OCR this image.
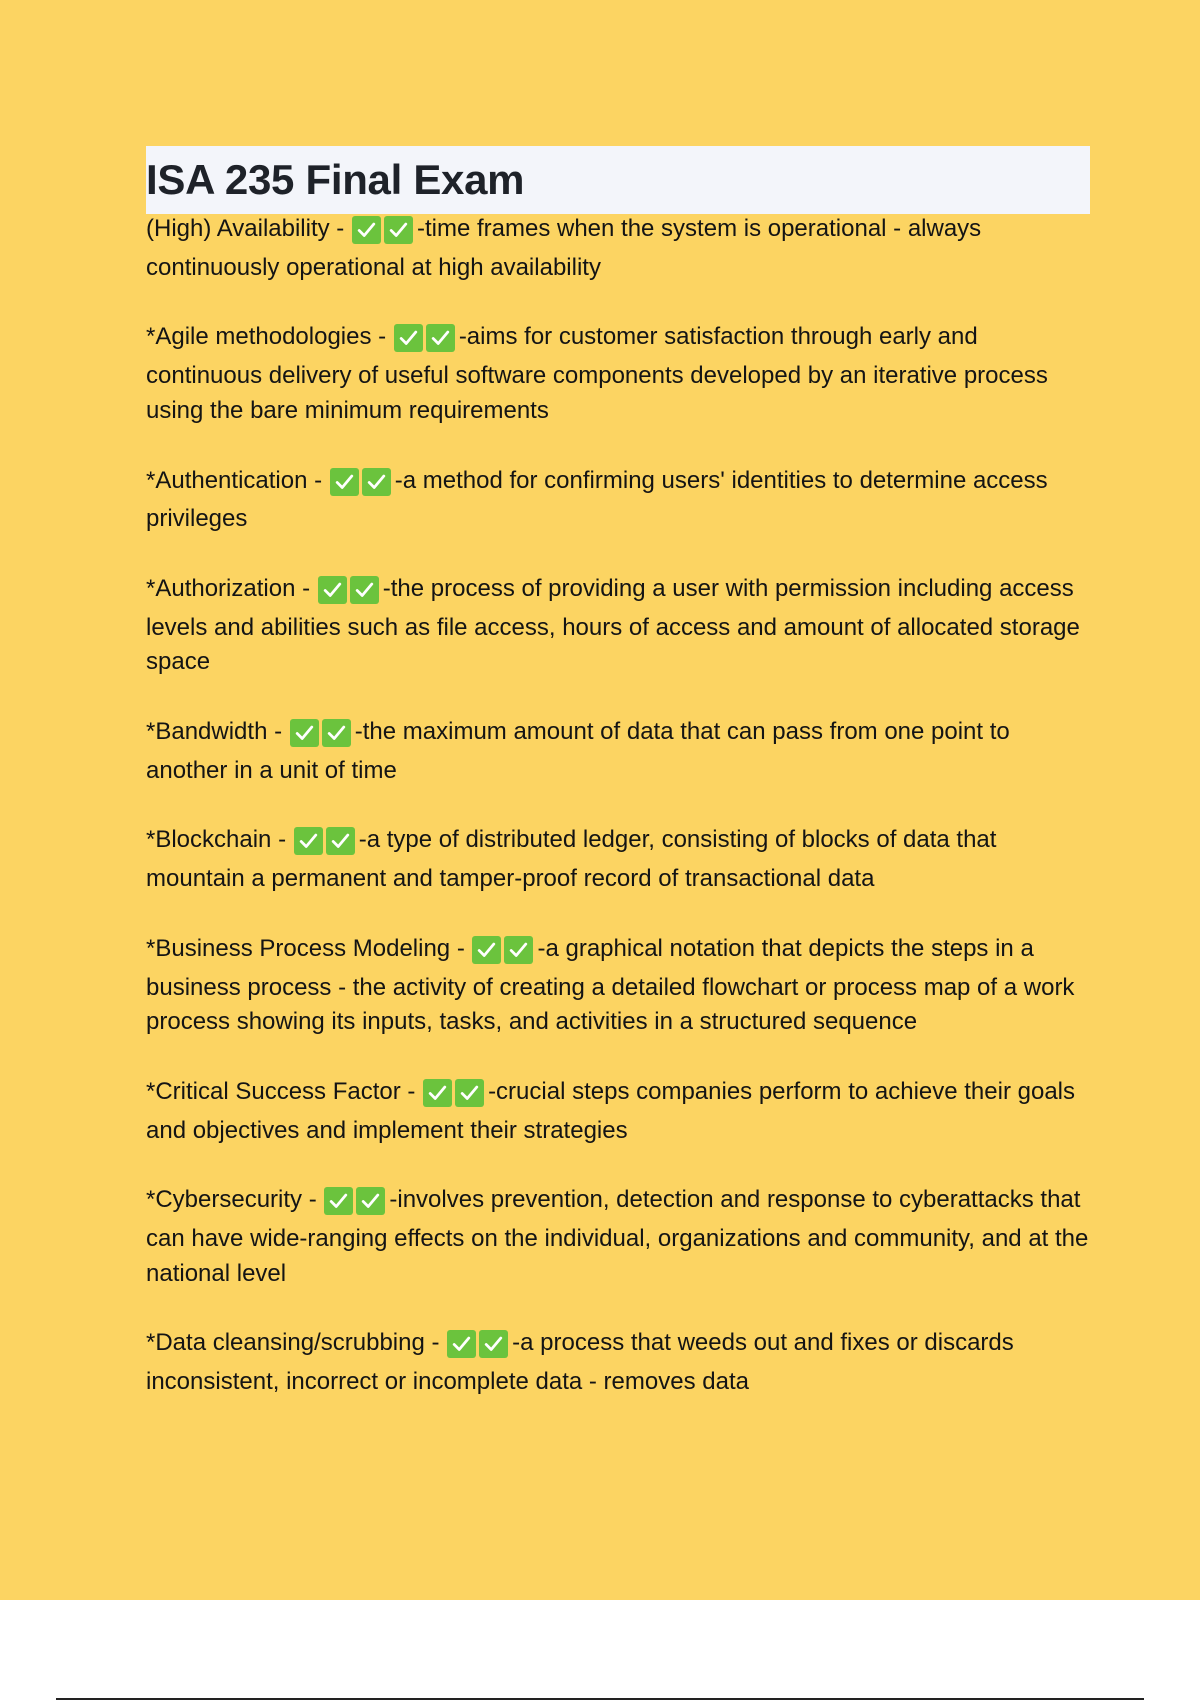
ISA 235 Final Exam

(High) Availability -	-time frames when the system is operational - always continuously operational at high availability

*Agile methodologies -	-aims for customer satisfaction through early and continuous delivery of useful software components developed by an iterative process using the bare minimum requirements

*Authentication -	-a method for confirming users' identities to determine access privileges

*Authorization -	-the process of providing a user with permission including access levels and abilities such as file access, hours of access and amount of allocated storage space

*Bandwidth -	-the maximum amount of data that can pass from one point to another in a unit of time

*Blockchain -	-a type of distributed ledger, consisting of blocks of data that mountain a permanent and tamper-proof record of transactional data

*Business Process Modeling -	-a graphical notation that depicts the steps in a business process - the activity of creating a detailed flowchart or process map of a work process showing its inputs, tasks, and activities in a structured sequence

*Critical Success Factor -	-crucial steps companies perform to achieve their goals and objectives and implement their strategies

*Cybersecurity -	-involves prevention, detection and response to cyberattacks that can have wide-ranging effects on the individual, organizations and community, and at the national level

*Data cleansing/scrubbing -	-a process that weeds out and fixes or discards inconsistent, incorrect or incomplete data - removes data
